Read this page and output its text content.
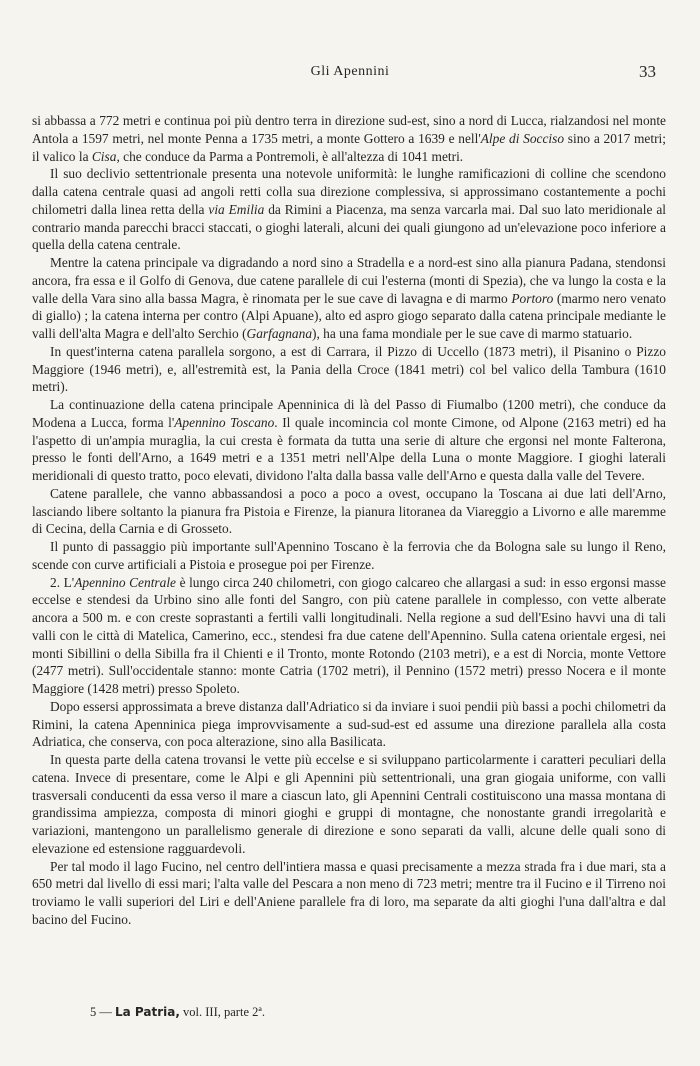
Gli Apennini	33

si abbassa a 772 metri e continua poi più dentro terra in direzione sud-est, sino a nord di Lucca, rialzandosi nel monte Antola a 1597 metri, nel monte Penna a 1735 metri, a monte Gottero a 1639 e nell'Alpe di Socciso sino a 2017 metri; il valico la Cisa, che conduce da Parma a Pontremoli, è all'altezza di 1041 metri.

Il suo declivio settentrionale presenta una notevole uniformità: le lunghe ramificazioni di colline che scendono dalla catena centrale quasi ad angoli retti colla sua direzione complessiva, si approssimano costantemente a pochi chilometri dalla linea retta della via Emilia da Rimini a Piacenza, ma senza varcarla mai. Dal suo lato meridionale al contrario manda parecchi bracci staccati, o gioghi laterali, alcuni dei quali giungono ad un'elevazione poco inferiore a quella della catena centrale.

Mentre la catena principale va digradando a nord sino a Stradella e a nord-est sino alla pianura Padana, stendonsi ancora, fra essa e il Golfo di Genova, due catene parallele di cui l'esterna (monti di Spezia), che va lungo la costa e la valle della Vara sino alla bassa Magra, è rinomata per le sue cave di lavagna e di marmo Portoro (marmo nero venato di giallo) ; la catena interna per contro (Alpi Apuane), alto ed aspro giogo separato dalla catena principale mediante le valli dell'alta Magra e dell'alto Serchio (Garfagnana), ha una fama mondiale per le sue cave di marmo statuario.

In quest'interna catena parallela sorgono, a est di Carrara, il Pizzo di Uccello (1873 metri), il Pisanino o Pizzo Maggiore (1946 metri), e, all'estremità est, la Pania della Croce (1841 metri) col bel valico della Tambura (1610 metri).

La continuazione della catena principale Apenninica di là del Passo di Fiumalbo (1200 metri), che conduce da Modena a Lucca, forma l'Apennino Toscano. Il quale incomincia col monte Cimone, od Alpone (2163 metri) ed ha l'aspetto di un'ampia muraglia, la cui cresta è formata da tutta una serie di alture che ergonsi nel monte Falterona, presso le fonti dell'Arno, a 1649 metri e a 1351 metri nell'Alpe della Luna o monte Maggiore. I gioghi laterali meridionali di questo tratto, poco elevati, dividono l'alta dalla bassa valle dell'Arno e questa dalla valle del Tevere.

Catene parallele, che vanno abbassandosi a poco a poco a ovest, occupano la Toscana ai due lati dell'Arno, lasciando libere soltanto la pianura fra Pistoia e Firenze, la pianura litoranea da Viareggio a Livorno e alle maremme di Cecina, della Carnia e di Grosseto.

Il punto di passaggio più importante sull'Apennino Toscano è la ferrovia che da Bologna sale su lungo il Reno, scende con curve artificiali a Pistoia e prosegue poi per Firenze.

2. L'Apennino Centrale è lungo circa 240 chilometri, con giogo calcareo che allargasi a sud: in esso ergonsi masse eccelse e stendesi da Urbino sino alle fonti del Sangro, con più catene parallele in complesso, con vette alberate ancora a 500 m. e con creste soprastanti a fertili valli longitudinali. Nella regione a sud dell'Esino havvi una di tali valli con le città di Matelica, Camerino, ecc., stendesi fra due catene dell'Apennino. Sulla catena orientale ergesi, nei monti Sibillini o della Sibilla fra il Chienti e il Tronto, monte Rotondo (2103 metri), e a est di Norcia, monte Vettore (2477 metri). Sull'occidentale stanno: monte Catria (1702 metri), il Pennino (1572 metri) presso Nocera e il monte Maggiore (1428 metri) presso Spoleto.

Dopo essersi approssimata a breve distanza dall'Adriatico si da inviare i suoi pendii più bassi a pochi chilometri da Rimini, la catena Apenninica piega improvvisamente a sud-sud-est ed assume una direzione parallela alla costa Adriatica, che conserva, con poca alterazione, sino alla Basilicata.

In questa parte della catena trovansi le vette più eccelse e si sviluppano particolarmente i caratteri peculiari della catena. Invece di presentare, come le Alpi e gli Apennini più settentrionali, una gran giogaia uniforme, con valli trasversali conducenti da essa verso il mare a ciascun lato, gli Apennini Centrali costituiscono una massa montana di grandissima ampiezza, composta di minori gioghi e gruppi di montagne, che nonostante grandi irregolarità e variazioni, mantengono un parallelismo generale di direzione e sono separati da valli, alcune delle quali sono di elevazione ed estensione ragguardevoli.

Per tal modo il lago Fucino, nel centro dell'intiera massa e quasi precisamente a mezza strada fra i due mari, sta a 650 metri dal livello di essi mari; l'alta valle del Pescara a non meno di 723 metri; mentre tra il Fucino e il Tirreno noi troviamo le valli superiori del Liri e dell'Aniene parallele fra di loro, ma separate da alti gioghi l'una dall'altra e dal bacino del Fucino.

5 — La Patria, vol. III, parte 2ª.
